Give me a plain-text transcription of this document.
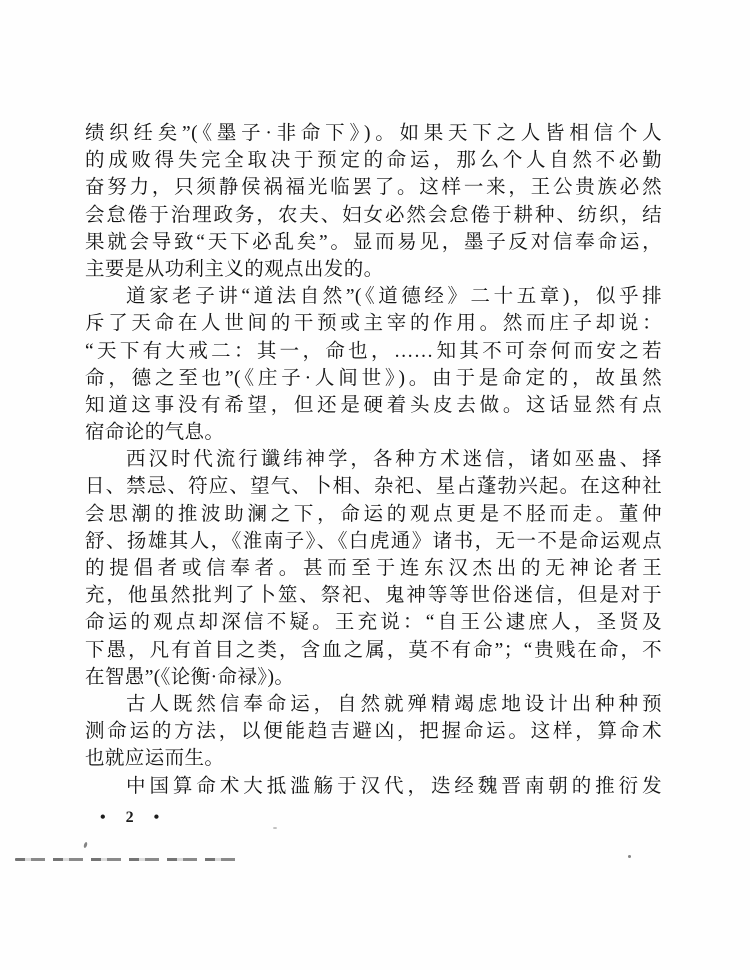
绩织纴矣”(《墨子·非命下》)。如果天下之人皆相信个人
的成败得失完全取决于预定的命运，那么个人自然不必勤
奋努力，只须静侯祸福光临罢了。这样一来，王公贵族必然
会怠倦于治理政务，农夫、妇女必然会怠倦于耕种、纺织，结
果就会导致“天下必乱矣”。显而易见，墨子反对信奉命运，
主要是从功利主义的观点出发的。
道家老子讲“道法自然”(《道德经》二十五章)，似乎排
斥了天命在人世间的干预或主宰的作用。然而庄子却说：
“天下有大戒二：其一，命也，……知其不可奈何而安之若
命，德之至也”(《庄子·人间世》)。由于是命定的，故虽然
知道这事没有希望，但还是硬着头皮去做。这话显然有点
宿命论的气息。
西汉时代流行谶纬神学，各种方术迷信，诸如巫蛊、择
日、禁忌、符应、望气、卜相、杂祀、星占蓬勃兴起。在这种社
会思潮的推波助澜之下，命运的观点更是不胫而走。董仲
舒、扬雄其人，《淮南子》、《白虎通》诸书，无一不是命运观点
的提倡者或信奉者。甚而至于连东汉杰出的无神论者王
充，他虽然批判了卜筮、祭祀、鬼神等等世俗迷信，但是对于
命运的观点却深信不疑。王充说：“自王公逮庶人，圣贤及
下愚，凡有首目之类，含血之属，莫不有命”；“贵贱在命，不
在智愚”(《论衡·命禄》)。
古人既然信奉命运，自然就殚精竭虑地设计出种种预
测命运的方法，以便能趋吉避凶，把握命运。这样，算命术
也就应运而生。
中国算命术大抵滥觞于汉代，迭经魏晋南朝的推衍发
• 2 •
